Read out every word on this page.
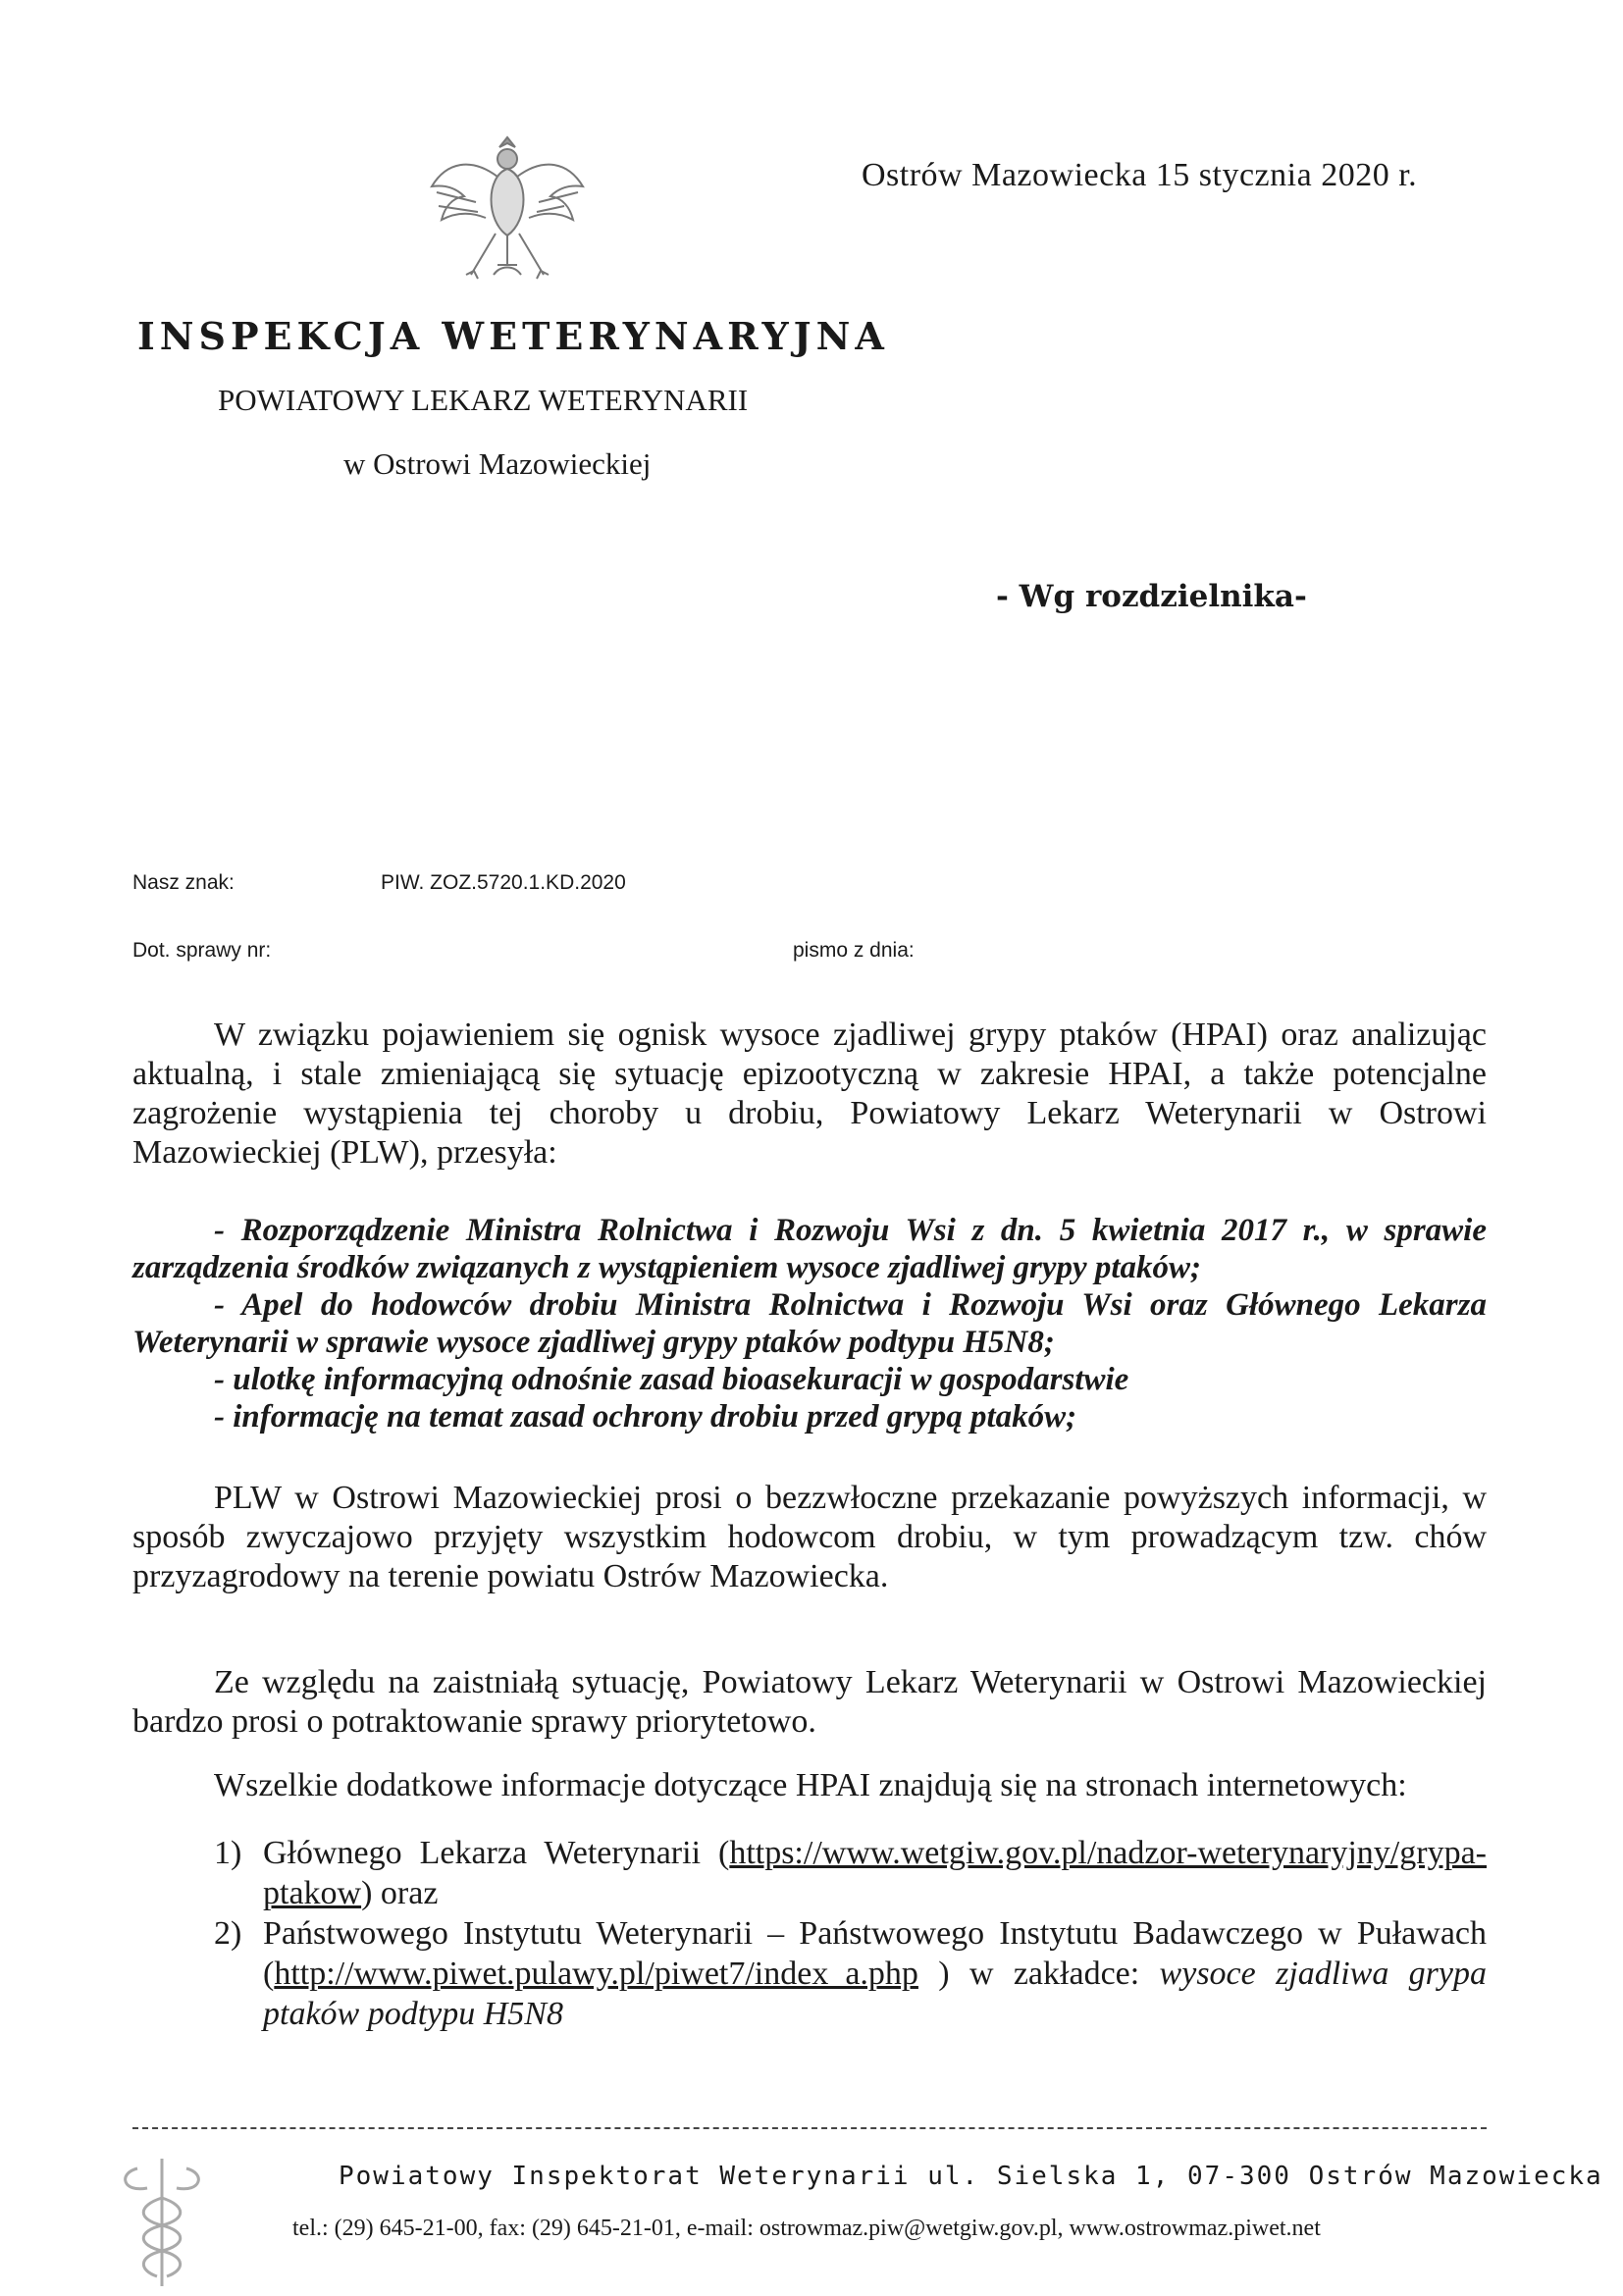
Ostrów Mazowiecka 15 stycznia 2020 r.
INSPEKCJA WETERYNARYJNA
POWIATOWY LEKARZ WETERYNARII
w Ostrowi Mazowieckiej
- Wg rozdzielnika-
Nasz znak:	PIW. ZOZ.5720.1.KD.2020
Dot. sprawy nr:	pismo z dnia:
W związku pojawieniem się ognisk wysoce zjadliwej grypy ptaków (HPAI) oraz analizując aktualną, i stale zmieniającą się sytuację epizootyczną w zakresie HPAI, a także potencjalne zagrożenie wystąpienia tej choroby u drobiu, Powiatowy Lekarz Weterynarii w Ostrowi Mazowieckiej (PLW), przesyła:
- Rozporządzenie Ministra Rolnictwa i Rozwoju Wsi z dn. 5 kwietnia 2017 r., w sprawie zarządzenia środków związanych z wystąpieniem wysoce zjadliwej grypy ptaków;
- Apel do hodowców drobiu Ministra Rolnictwa i Rozwoju Wsi oraz Głównego Lekarza Weterynarii w sprawie wysoce zjadliwej grypy ptaków podtypu H5N8;
- ulotkę informacyjną odnośnie zasad bioasekuracji w gospodarstwie
- informację na temat zasad ochrony drobiu przed grypą ptaków;
PLW w Ostrowi Mazowieckiej prosi o bezzwłoczne przekazanie powyższych informacji, w sposób zwyczajowo przyjęty wszystkim hodowcom drobiu, w tym prowadzącym tzw. chów przyzagrodowy na terenie powiatu Ostrów Mazowiecka.
Ze względu na zaistniałą sytuację, Powiatowy Lekarz Weterynarii w Ostrowi Mazowieckiej bardzo prosi o potraktowanie sprawy priorytetowo.
Wszelkie dodatkowe informacje dotyczące HPAI znajdują się na stronach internetowych:
1) Głównego Lekarza Weterynarii (https://www.wetgiw.gov.pl/nadzor-weterynaryjny/grypa-ptakow) oraz
2) Państwowego Instytutu Weterynarii – Państwowego Instytutu Badawczego w Puławach (http://www.piwet.pulawy.pl/piwet7/index_a.php ) w zakładce: wysoce zjadliwa grypa ptaków podtypu H5N8
Powiatowy Inspektorat Weterynarii ul. Sielska 1, 07-300 Ostrów Mazowiecka
tel.: (29) 645-21-00, fax: (29) 645-21-01, e-mail: ostrowmaz.piw@wetgiw.gov.pl, www.ostrowmaz.piwet.net
